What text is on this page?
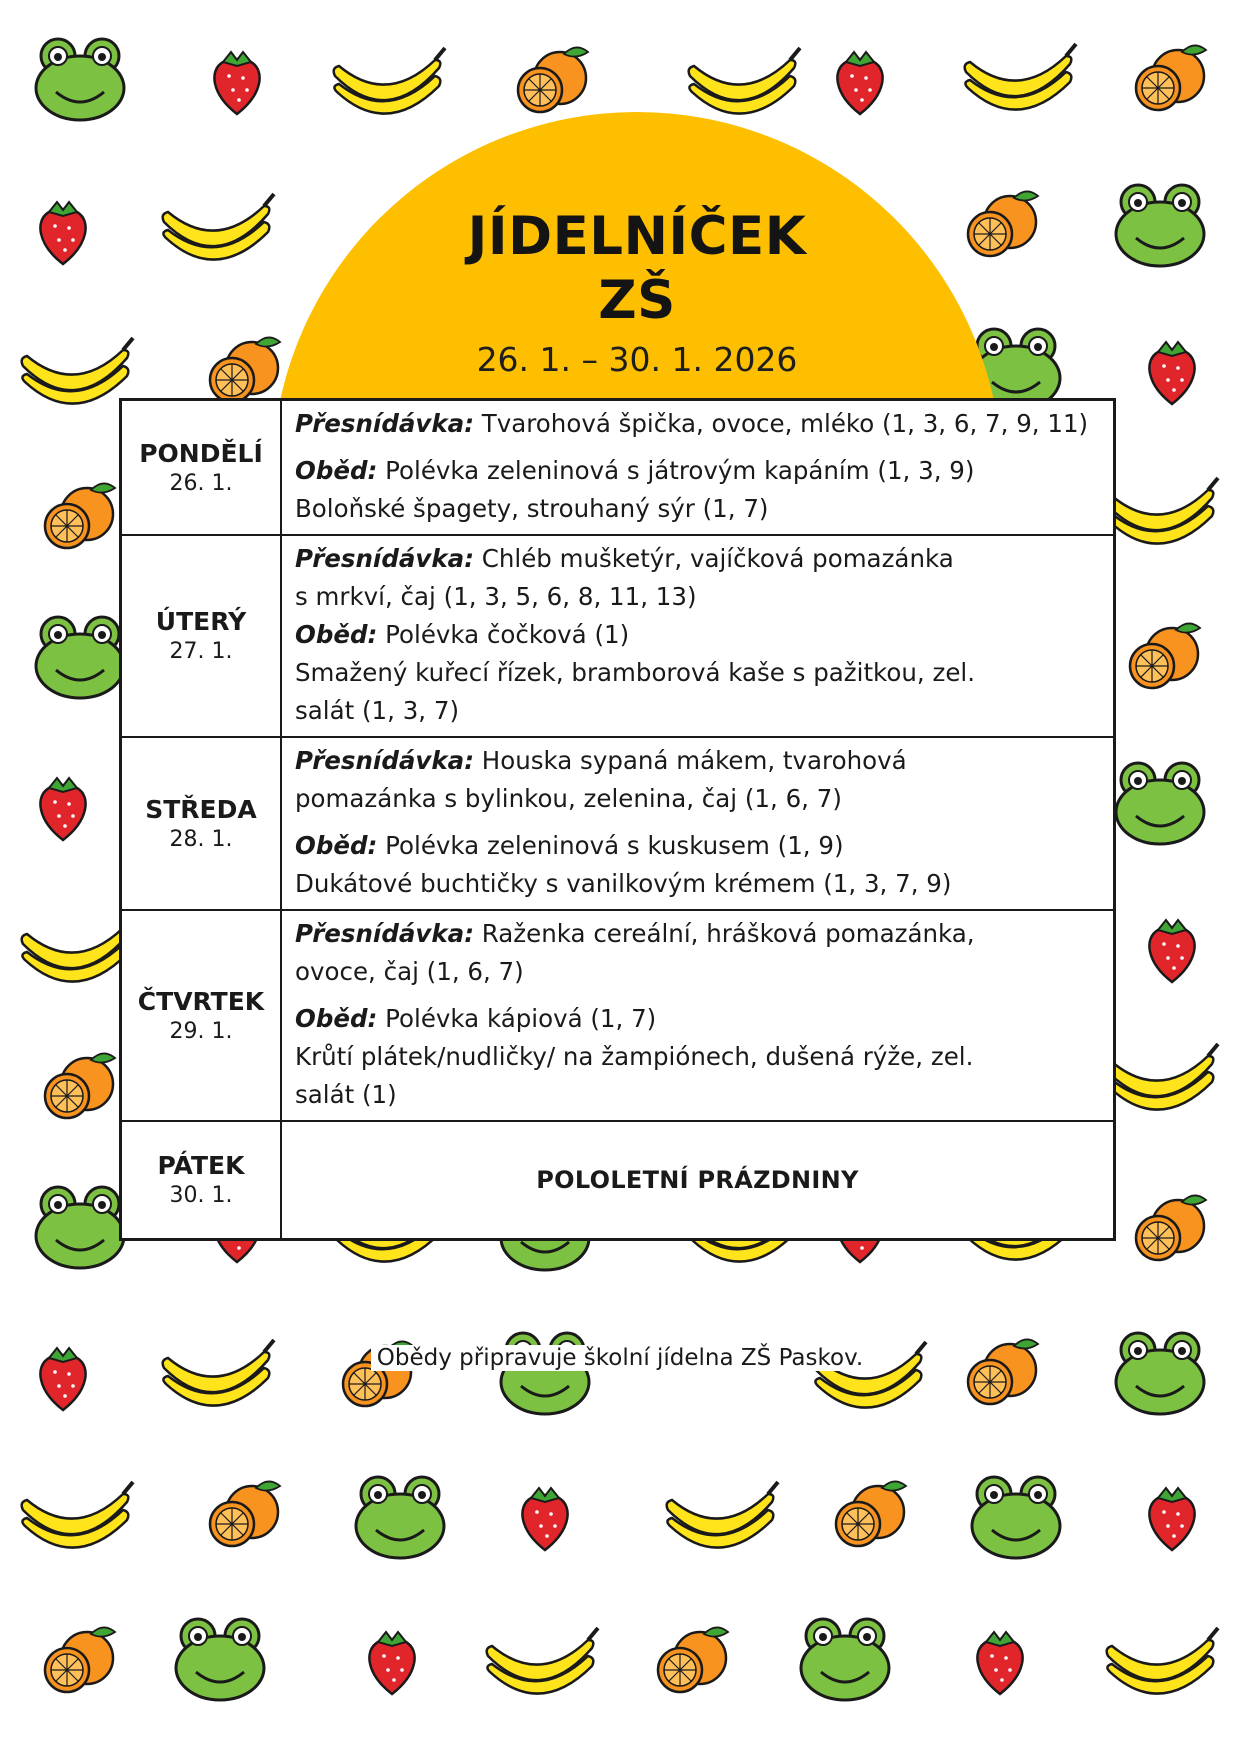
JÍDELNÍČEK
ZŠ
26. 1. – 30. 1. 2026
PONDĚLÍ
26. 1.	Přesnídávka: Tvarohová špička, ovoce, mléko (1, 3, 6, 7, 9, 11)
Oběd: Polévka zeleninová s játrovým kapáním (1, 3, 9)
Boloňské špagety, strouhaný sýr (1, 7)

ÚTERÝ
27. 1.	Přesnídávka: Chléb mušketýr, vajíčková pomazánka
s mrkví, čaj (1, 3, 5, 6, 8, 11, 13)
Oběd: Polévka čočková (1)
Smažený kuřecí řízek, bramborová kaše s pažitkou, zel.
salát (1, 3, 7)

STŘEDA
28. 1.	Přesnídávka: Houska sypaná mákem, tvarohová
pomazánka s bylinkou, zelenina, čaj (1, 6, 7)
Oběd: Polévka zeleninová s kuskusem (1, 9)
Dukátové buchtičky s vanilkovým krémem (1, 3, 7, 9)

ČTVRTEK
29. 1.	Přesnídávka: Raženka cereální, hrášková pomazánka,
ovoce, čaj (1, 6, 7)
Oběd: Polévka kápiová (1, 7)
Krůtí plátek/nudličky/ na žampiónech, dušená rýže, zel.
salát (1)

PÁTEK
30. 1.	POLOLETNÍ PRÁZDNINY
Obědy připravuje školní jídelna ZŠ Paskov.
